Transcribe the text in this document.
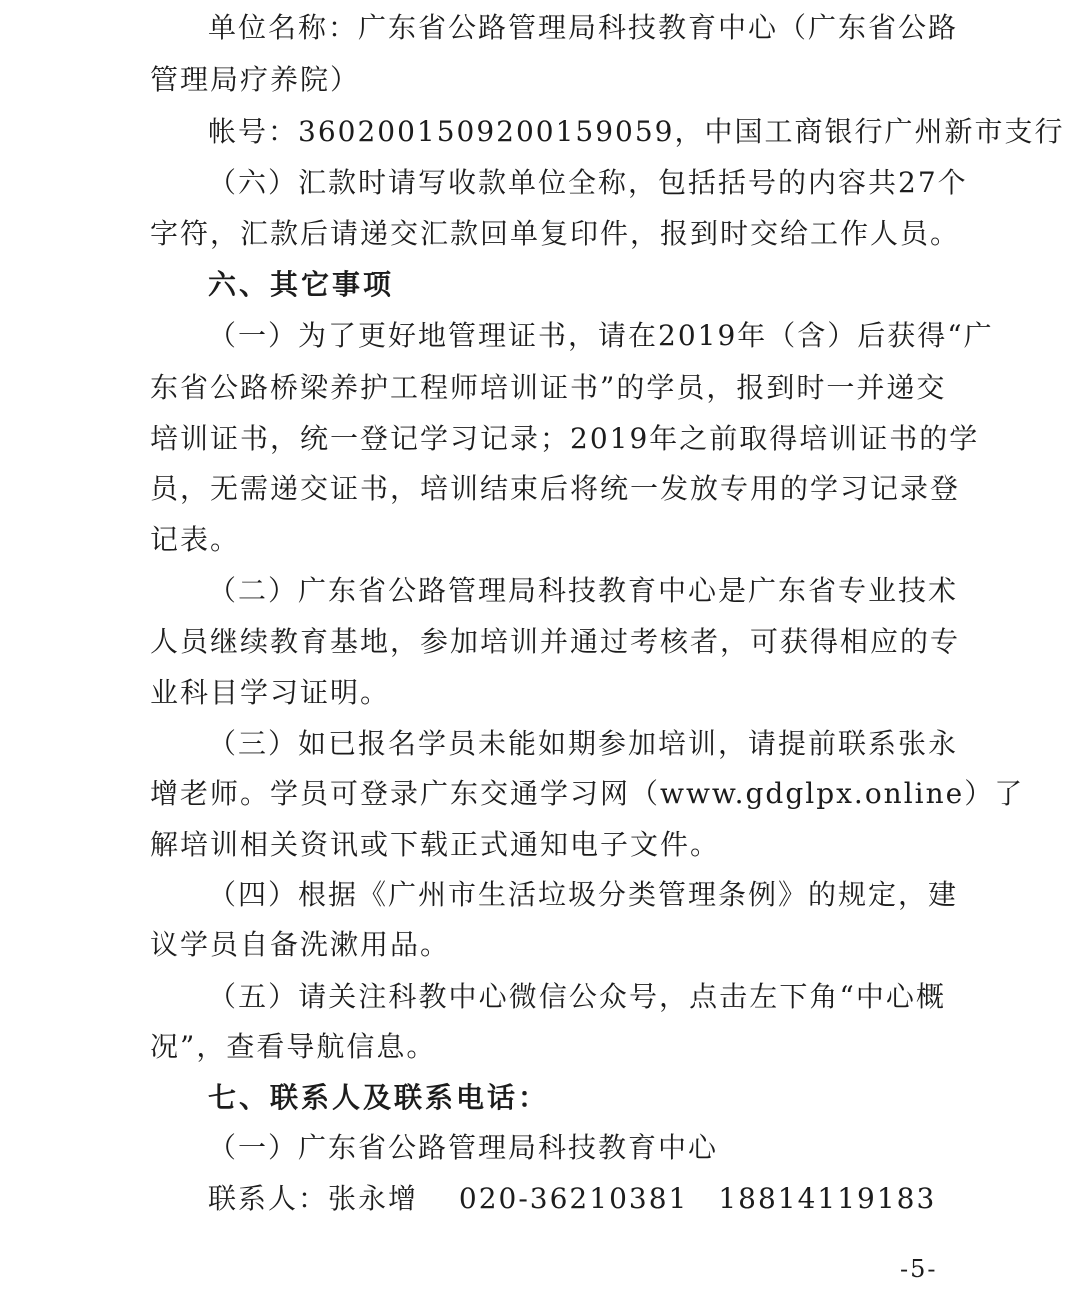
单位名称：广东省公路管理局科技教育中心（广东省公路
管理局疗养院）
帐号：3602001509200159059，中国工商银行广州新市支行
（六）汇款时请写收款单位全称，包括括号的内容共27个
字符，汇款后请递交汇款回单复印件，报到时交给工作人员。
六、其它事项
（一）为了更好地管理证书，请在2019年（含）后获得“广
东省公路桥梁养护工程师培训证书”的学员，报到时一并递交
培训证书，统一登记学习记录；2019年之前取得培训证书的学
员，无需递交证书，培训结束后将统一发放专用的学习记录登
记表。
（二）广东省公路管理局科技教育中心是广东省专业技术
人员继续教育基地，参加培训并通过考核者，可获得相应的专
业科目学习证明。
（三）如已报名学员未能如期参加培训，请提前联系张永
增老师。学员可登录广东交通学习网（www.gdglpx.online）了
解培训相关资讯或下载正式通知电子文件。
（四）根据《广州市生活垃圾分类管理条例》的规定，建
议学员自备洗漱用品。
（五）请关注科教中心微信公众号，点击左下角“中心概
况”，查看导航信息。
七、联系人及联系电话：
（一）广东省公路管理局科技教育中心
联系人：张永增　 020-36210381　18814119183
-5-
